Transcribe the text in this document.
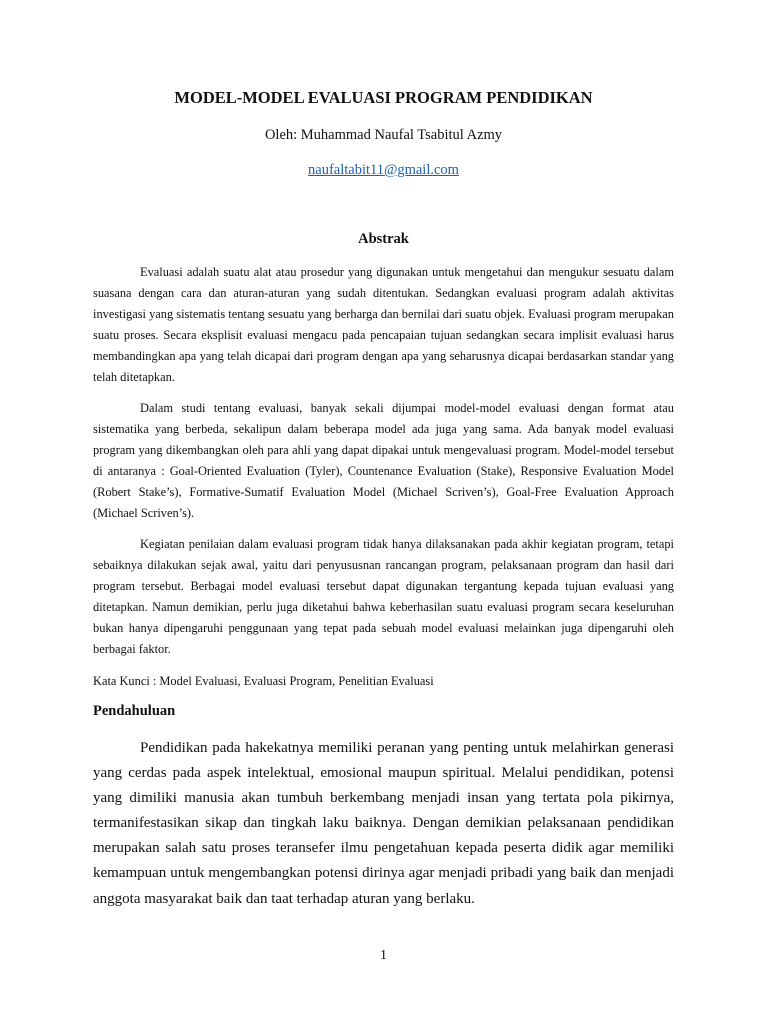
MODEL-MODEL EVALUASI PROGRAM PENDIDIKAN
Oleh: Muhammad Naufal Tsabitul Azmy
naufaltabit11@gmail.com
Abstrak

Evaluasi adalah suatu alat atau prosedur yang digunakan untuk mengetahui dan mengukur sesuatu dalam suasana dengan cara dan aturan-aturan yang sudah ditentukan. Sedangkan evaluasi program adalah aktivitas investigasi yang sistematis tentang sesuatu yang berharga dan bernilai dari suatu objek. Evaluasi program merupakan suatu proses. Secara eksplisit evaluasi mengacu pada pencapaian tujuan sedangkan secara implisit evaluasi harus membandingkan apa yang telah dicapai dari program dengan apa yang seharusnya dicapai berdasarkan standar yang telah ditetapkan.

Dalam studi tentang evaluasi, banyak sekali dijumpai model-model evaluasi dengan format atau sistematika yang berbeda, sekalipun dalam beberapa model ada juga yang sama. Ada banyak model evaluasi program yang dikembangkan oleh para ahli yang dapat dipakai untuk mengevaluasi program. Model-model tersebut di antaranya : Goal-Oriented Evaluation (Tyler), Countenance Evaluation (Stake), Responsive Evaluation Model (Robert Stake’s), Formative-Sumatif Evaluation Model (Michael Scriven’s), Goal-Free Evaluation Approach (Michael Scriven’s).

Kegiatan penilaian dalam evaluasi program tidak hanya dilaksanakan pada akhir kegiatan program, tetapi sebaiknya dilakukan sejak awal, yaitu dari penyususnan rancangan program, pelaksanaan program dan hasil dari program tersebut. Berbagai model evaluasi tersebut dapat digunakan tergantung kepada tujuan evaluasi yang ditetapkan. Namun demikian, perlu juga diketahui bahwa keberhasilan suatu evaluasi program secara keseluruhan bukan hanya dipengaruhi penggunaan yang tepat pada sebuah model evaluasi melainkan juga dipengaruhi oleh berbagai faktor.

Kata Kunci : Model Evaluasi, Evaluasi Program, Penelitian Evaluasi
Pendahuluan

Pendidikan pada hakekatnya memiliki peranan yang penting untuk melahirkan generasi yang cerdas pada aspek intelektual, emosional maupun spiritual. Melalui pendidikan, potensi yang dimiliki manusia akan tumbuh berkembang menjadi insan yang tertata pola pikirnya, termanifestasikan sikap dan tingkah laku baiknya. Dengan demikian pelaksanaan pendidikan merupakan salah satu proses teransefer ilmu pengetahuan kepada peserta didik agar memiliki kemampuan untuk mengembangkan potensi dirinya agar menjadi pribadi yang baik dan menjadi anggota masyarakat baik dan taat terhadap aturan yang berlaku.

1
